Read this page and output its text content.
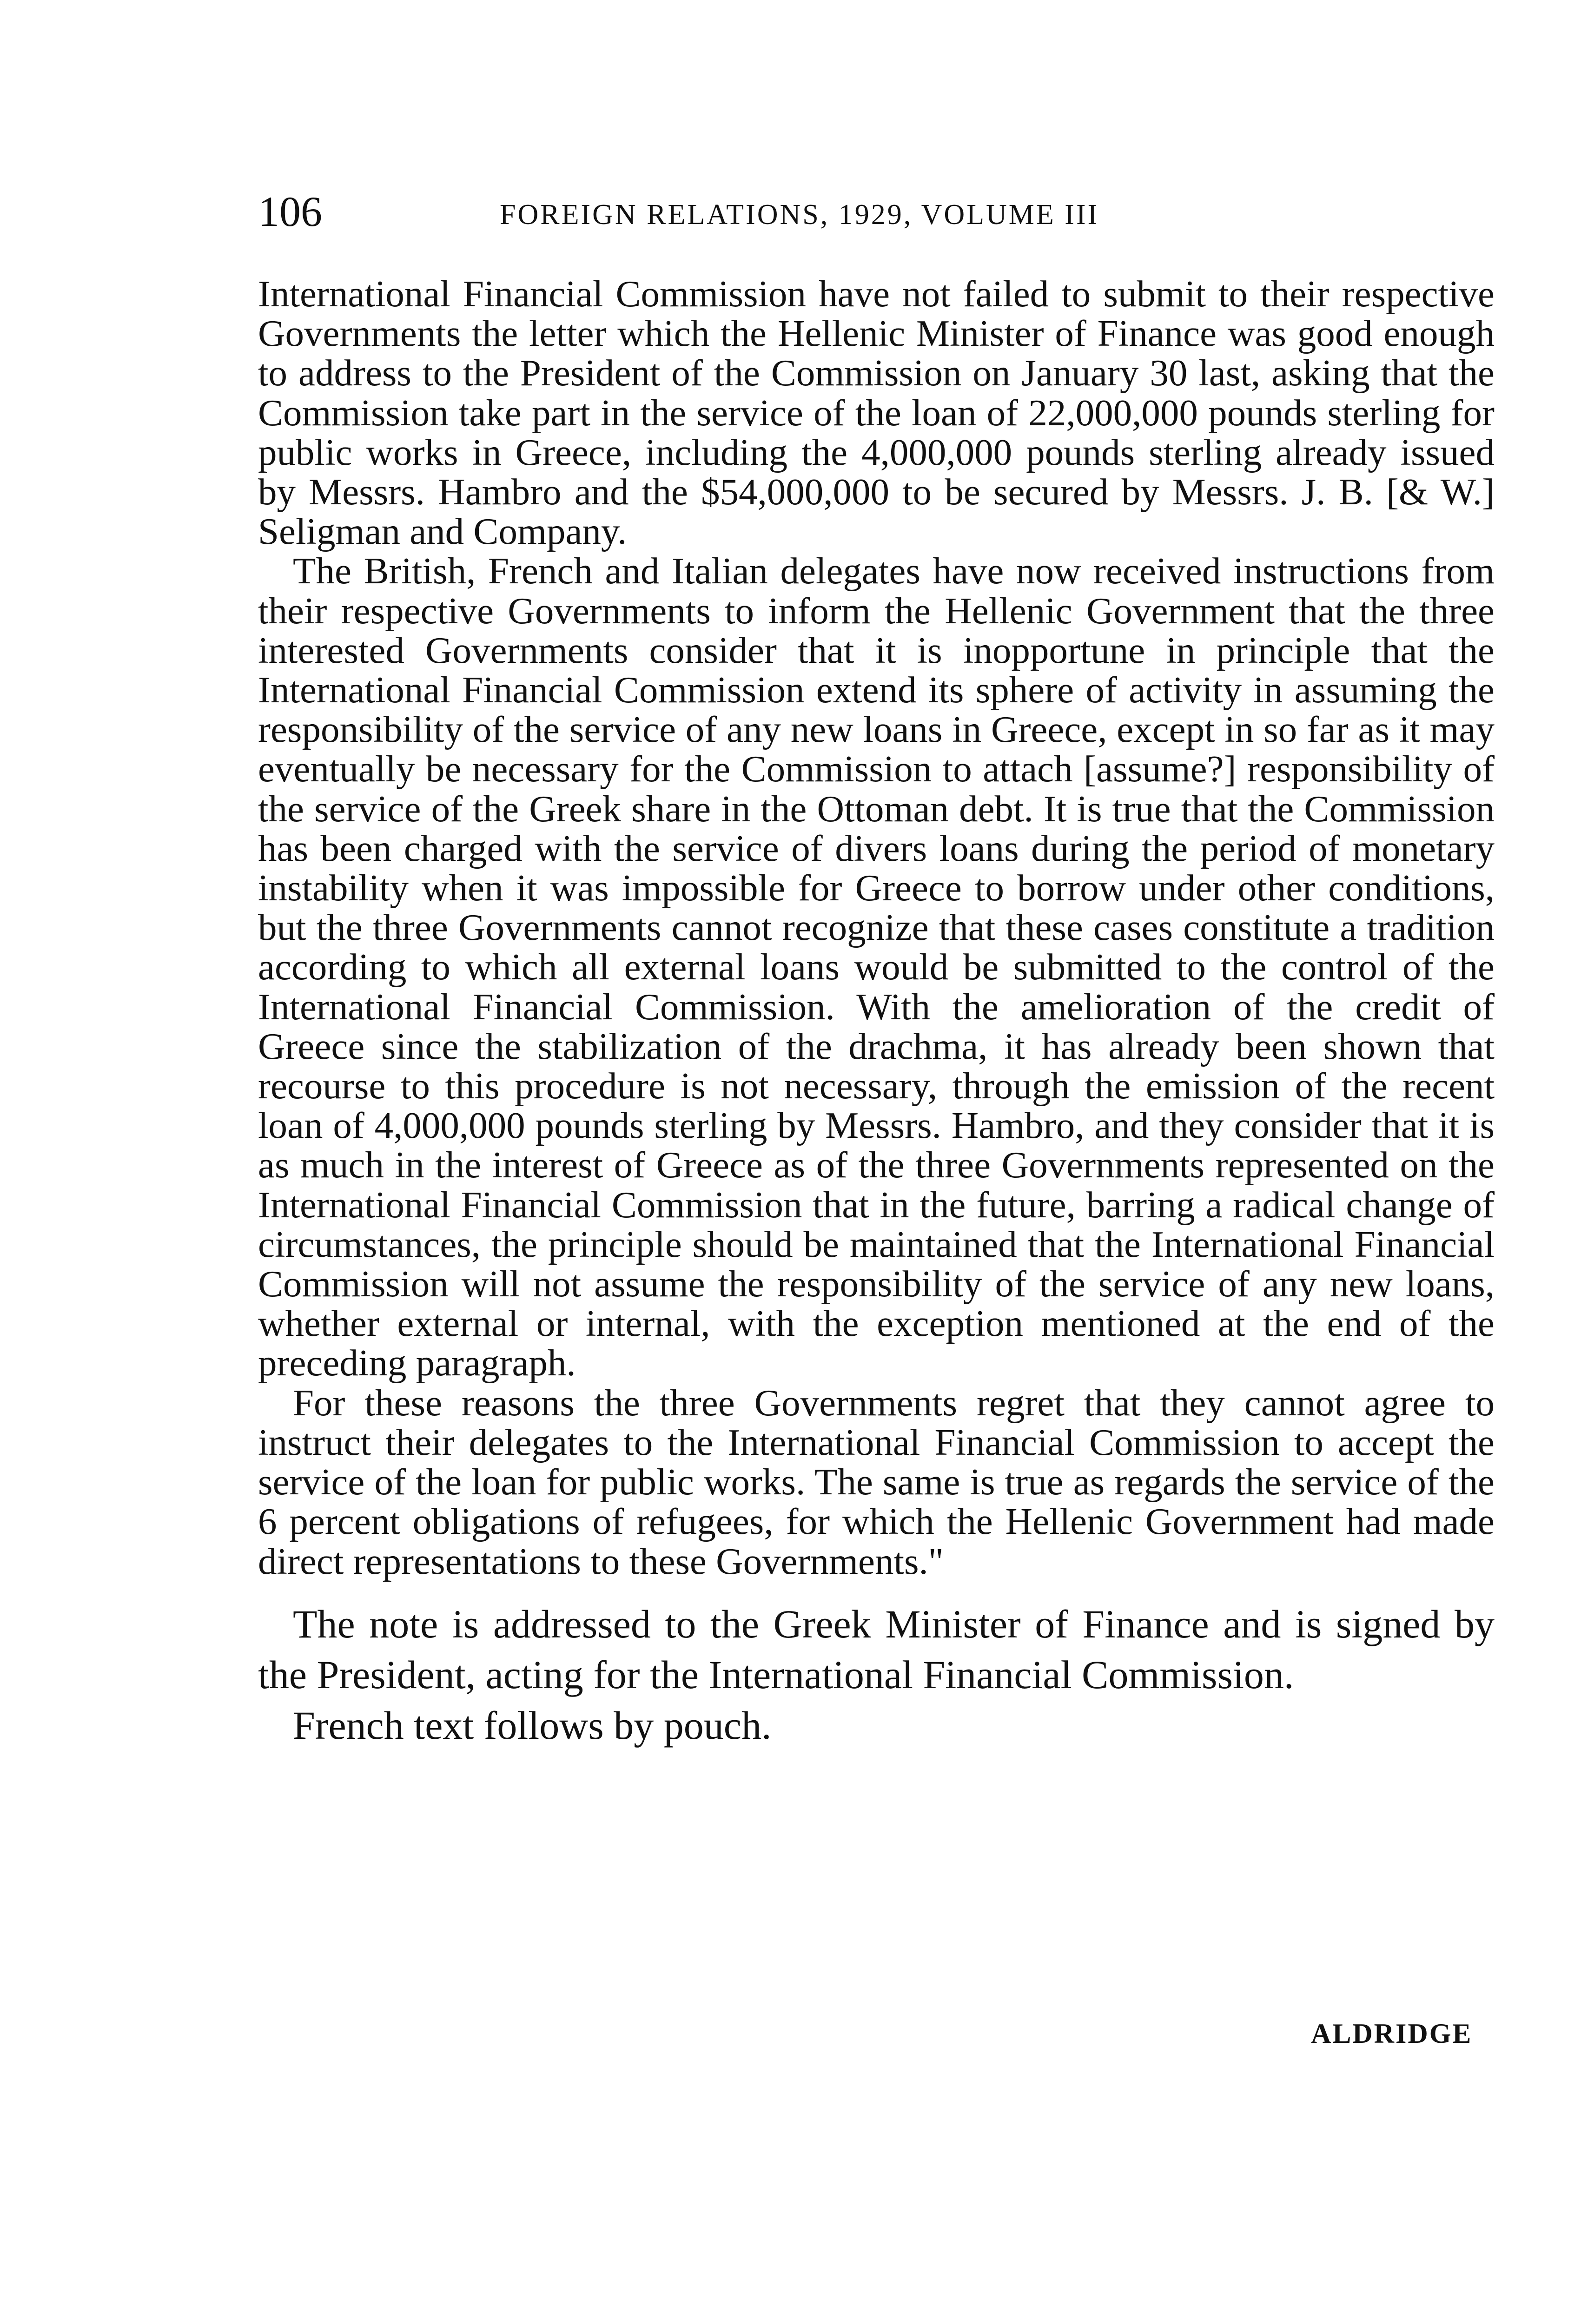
106	FOREIGN RELATIONS, 1929, VOLUME III

International Financial Commission have not failed to submit to their respective Governments the letter which the Hellenic Minister of Finance was good enough to address to the President of the Commission on January 30 last, asking that the Commission take part in the service of the loan of 22,000,000 pounds sterling for public works in Greece, including the 4,000,000 pounds sterling already issued by Messrs. Hambro and the $54,000,000 to be secured by Messrs. J. B. [& W.] Seligman and Company.

The British, French and Italian delegates have now received instructions from their respective Governments to inform the Hellenic Government that the three interested Governments consider that it is inopportune in principle that the International Financial Commission extend its sphere of activity in assuming the responsibility of the service of any new loans in Greece, except in so far as it may eventually be necessary for the Commission to attach [assume?] responsibility of the service of the Greek share in the Ottoman debt. It is true that the Commission has been charged with the service of divers loans during the period of monetary instability when it was impossible for Greece to borrow under other conditions, but the three Governments cannot recognize that these cases constitute a tradition according to which all external loans would be submitted to the control of the International Financial Commission. With the amelioration of the credit of Greece since the stabilization of the drachma, it has already been shown that recourse to this procedure is not necessary, through the emission of the recent loan of 4,000,000 pounds sterling by Messrs. Hambro, and they consider that it is as much in the interest of Greece as of the three Governments represented on the International Financial Commission that in the future, barring a radical change of circumstances, the principle should be maintained that the International Financial Commission will not assume the responsibility of the service of any new loans, whether external or internal, with the exception mentioned at the end of the preceding paragraph.

For these reasons the three Governments regret that they cannot agree to instruct their delegates to the International Financial Commission to accept the service of the loan for public works. The same is true as regards the service of the 6 percent obligations of refugees, for which the Hellenic Government had made direct representations to these Governments."

The note is addressed to the Greek Minister of Finance and is signed by the President, acting for the International Financial Commission.

French text follows by pouch.

ALDRIDGE
